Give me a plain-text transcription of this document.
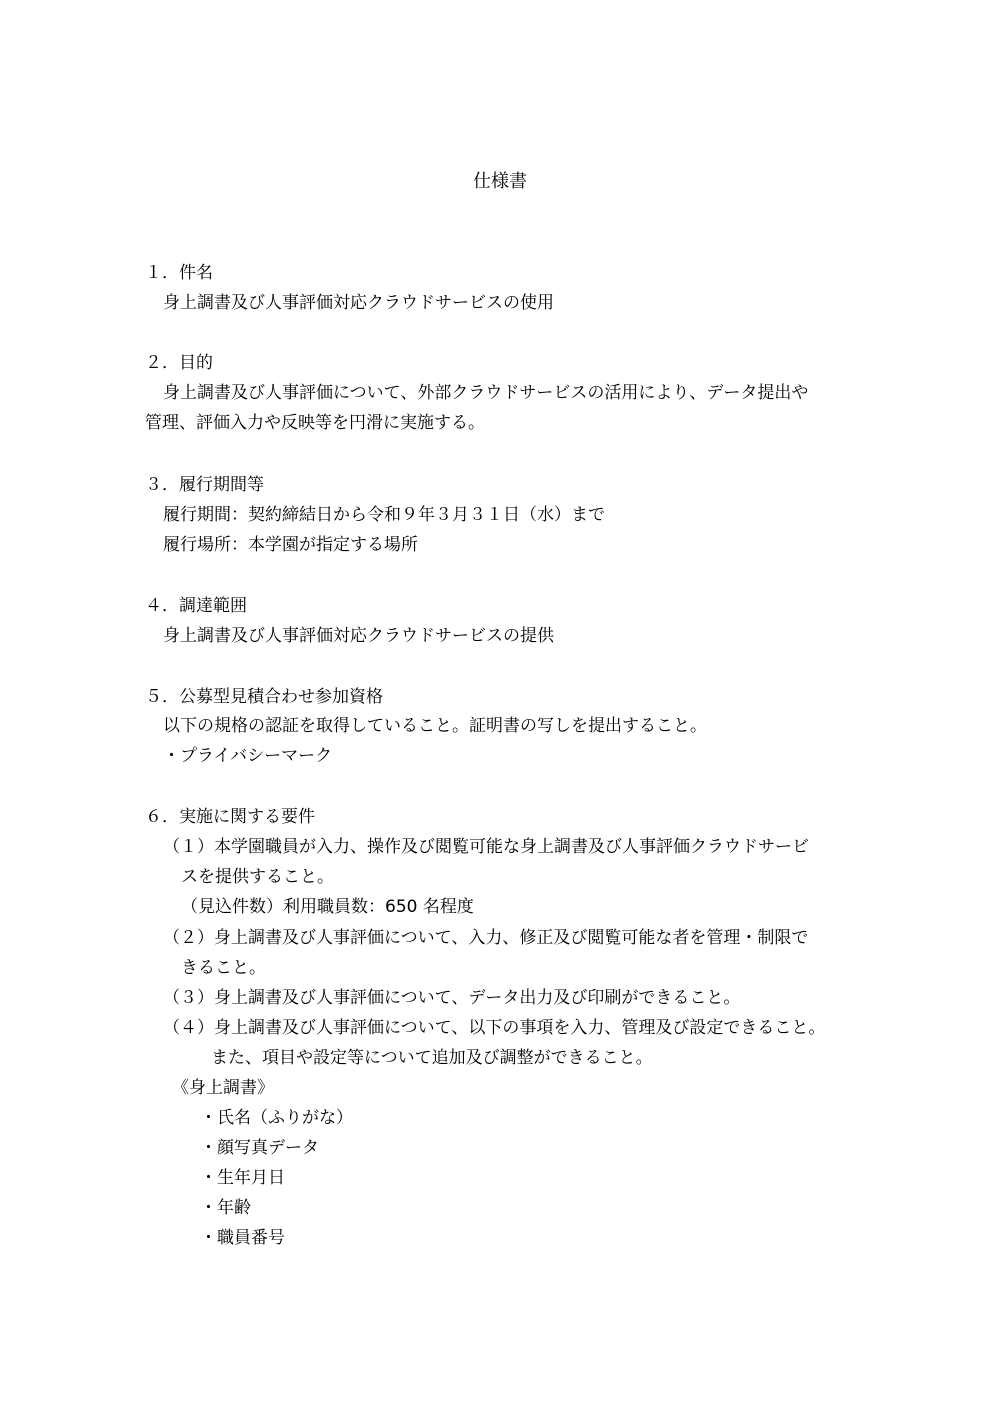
仕様書
１．件名
身上調書及び人事評価対応クラウドサービスの使用
２．目的
身上調書及び人事評価について、外部クラウドサービスの活用により、データ提出や
管理、評価入力や反映等を円滑に実施する。
３．履行期間等
履行期間：契約締結日から令和９年３月３１日（水）まで
履行場所：本学園が指定する場所
４．調達範囲
身上調書及び人事評価対応クラウドサービスの提供
５．公募型見積合わせ参加資格
以下の規格の認証を取得していること。証明書の写しを提出すること。
・プライバシーマーク
６．実施に関する要件
（１）本学園職員が入力、操作及び閲覧可能な身上調書及び人事評価クラウドサービ
スを提供すること。
（見込件数）利用職員数：650 名程度
（２）身上調書及び人事評価について、入力、修正及び閲覧可能な者を管理・制限で
きること。
（３）身上調書及び人事評価について、データ出力及び印刷ができること。
（４）身上調書及び人事評価について、以下の事項を入力、管理及び設定できること。
また、項目や設定等について追加及び調整ができること。
《身上調書》
・氏名（ふりがな）
・顔写真データ
・生年月日
・年齢
・職員番号
